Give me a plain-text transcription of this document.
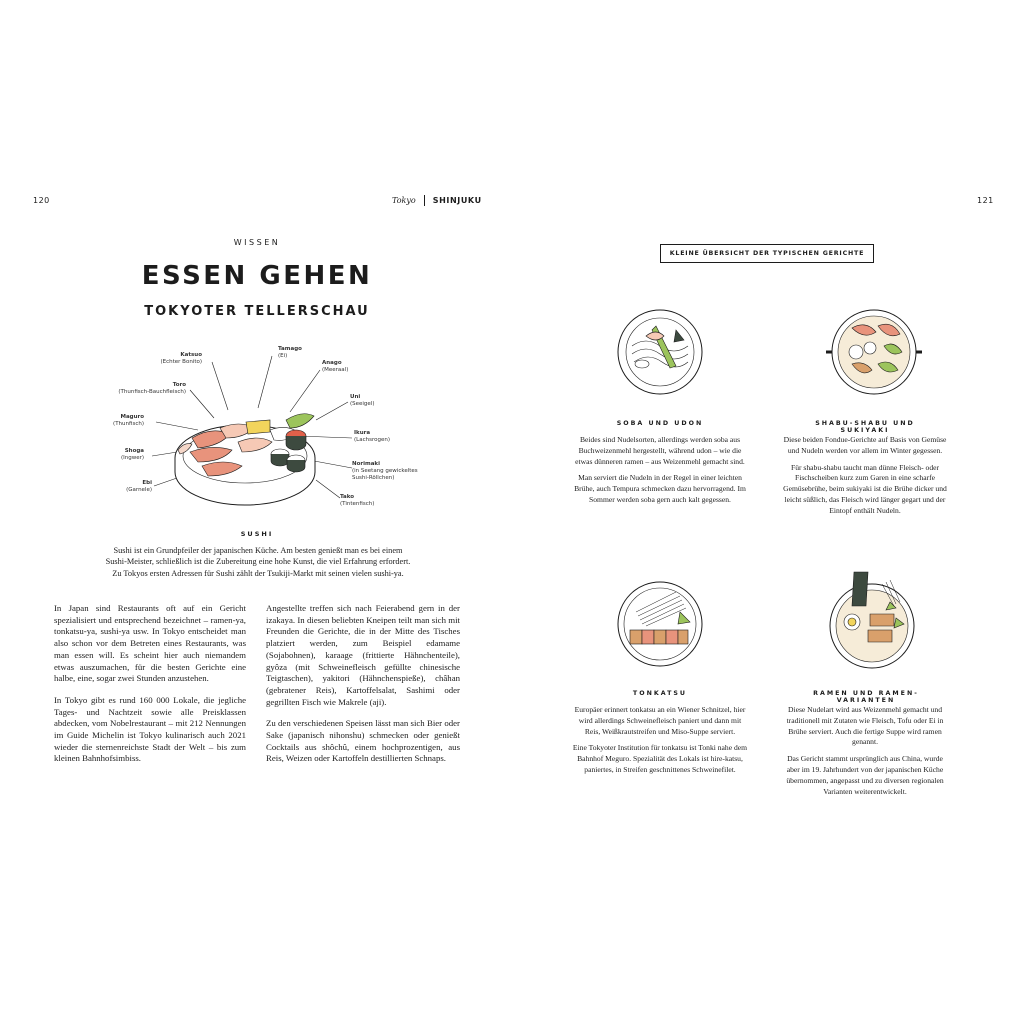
120	Tokyo SHINJUKU	121
WISSEN
ESSEN GEHEN
TOKYOTER TELLERSCHAU
Katsuo
(Echter Bonito)
Tamago
(Ei)
Anago
(Meeraal)
Toro
(Thunfisch-Bauchfleisch)
Uni
(Seeigel)
Maguro
(Thunfisch)
Ikura
(Lachsrogen)
Shoga
(Ingwer)
Norimaki
(in Seetang gewickeltes
Sushi-Röllchen)
Ebi
(Garnele)
Tako
(Tintenfisch)
SUSHI
Sushi ist ein Grundpfeiler der japanischen Küche. Am besten genießt man es bei einem
Sushi-Meister, schließlich ist die Zubereitung eine hohe Kunst, die viel Erfahrung erfordert.
Zu Tokyos ersten Adressen für Sushi zählt der Tsukiji-Markt mit seinen vielen sushi-ya.

In Japan sind Restaurants oft auf ein Gericht spezialisiert und entsprechend bezeichnet – ramen-ya, tonkatsu-ya, sushi-ya usw. In Tokyo entscheidet man also schon vor dem Betreten eines Restaurants, was man essen will. Es scheint hier auch niemandem etwas auszumachen, für die besten Gerichte eine halbe, eine, sogar zwei Stunden anzustehen.

In Tokyo gibt es rund 160 000 Lokale, die jegliche Tages- und Nachtzeit sowie alle Preisklassen abdecken, vom Nobelrestaurant – mit 212 Nennungen im Guide Michelin ist Tokyo kulinarisch auch 2021 wieder die sternenreichste Stadt der Welt – bis zum kleinen Bahnhofsimbiss.

Angestellte treffen sich nach Feierabend gern in der izakaya. In diesen beliebten Kneipen teilt man sich mit Freunden die Gerichte, die in der Mitte des Tisches platziert werden, zum Beispiel edamame (Sojabohnen), karaage (frittierte Hähnchenteile), gyôza (mit Schweinefleisch gefüllte chinesische Teigtaschen), yakitori (Hähnchenspieße), châhan (gebratener Reis), Kartoffelsalat, Sashimi oder gegrillten Fisch wie Makrele (aji).

Zu den verschiedenen Speisen lässt man sich Bier oder Sake (japanisch nihonshu) schmecken oder genießt Cocktails aus shôchû, einem hochprozentigen, aus Reis, Weizen oder Kartoffeln destillierten Schnaps.

KLEINE ÜBERSICHT DER TYPISCHEN GERICHTE
SOBA UND UDON

Beides sind Nudelsorten, allerdings werden soba aus Buchweizenmehl hergestellt, während udon – wie die etwas dünneren ramen – aus Weizenmehl gemacht sind.

Man serviert die Nudeln in der Regel in einer leichten Brühe, auch Tempura schmecken dazu hervorragend. Im Sommer werden soba gern auch kalt gegessen.

SHABU-SHABU UND SUKIYAKI

Diese beiden Fondue-Gerichte auf Basis von Gemüse und Nudeln werden vor allem im Winter gegessen.

Für shabu-shabu taucht man dünne Fleisch- oder Fischscheiben kurz zum Garen in eine scharfe Gemüsebrühe, beim sukiyaki ist die Brühe dicker und leicht süßlich, das Fleisch wird länger gegart und der Eintopf enthält Nudeln.

TONKATSU

Europäer erinnert tonkatsu an ein Wiener Schnitzel, hier wird allerdings Schweinefleisch paniert und dann mit Reis, Weißkrautstreifen und Miso-Suppe serviert.

Eine Tokyoter Institution für tonkatsu ist Tonki nahe dem Bahnhof Meguro. Spezialität des Lokals ist hire-katsu, paniertes, in Streifen geschnittenes Schweinefilet.

RAMEN UND RAMEN-VARIANTEN

Diese Nudelart wird aus Weizenmehl gemacht und traditionell mit Zutaten wie Fleisch, Tofu oder Ei in Brühe serviert. Auch die fertige Suppe wird ramen genannt.

Das Gericht stammt ursprünglich aus China, wurde aber im 19. Jahrhundert von der japanischen Küche übernommen, angepasst und zu diversen regionalen Varianten weiterentwickelt.
